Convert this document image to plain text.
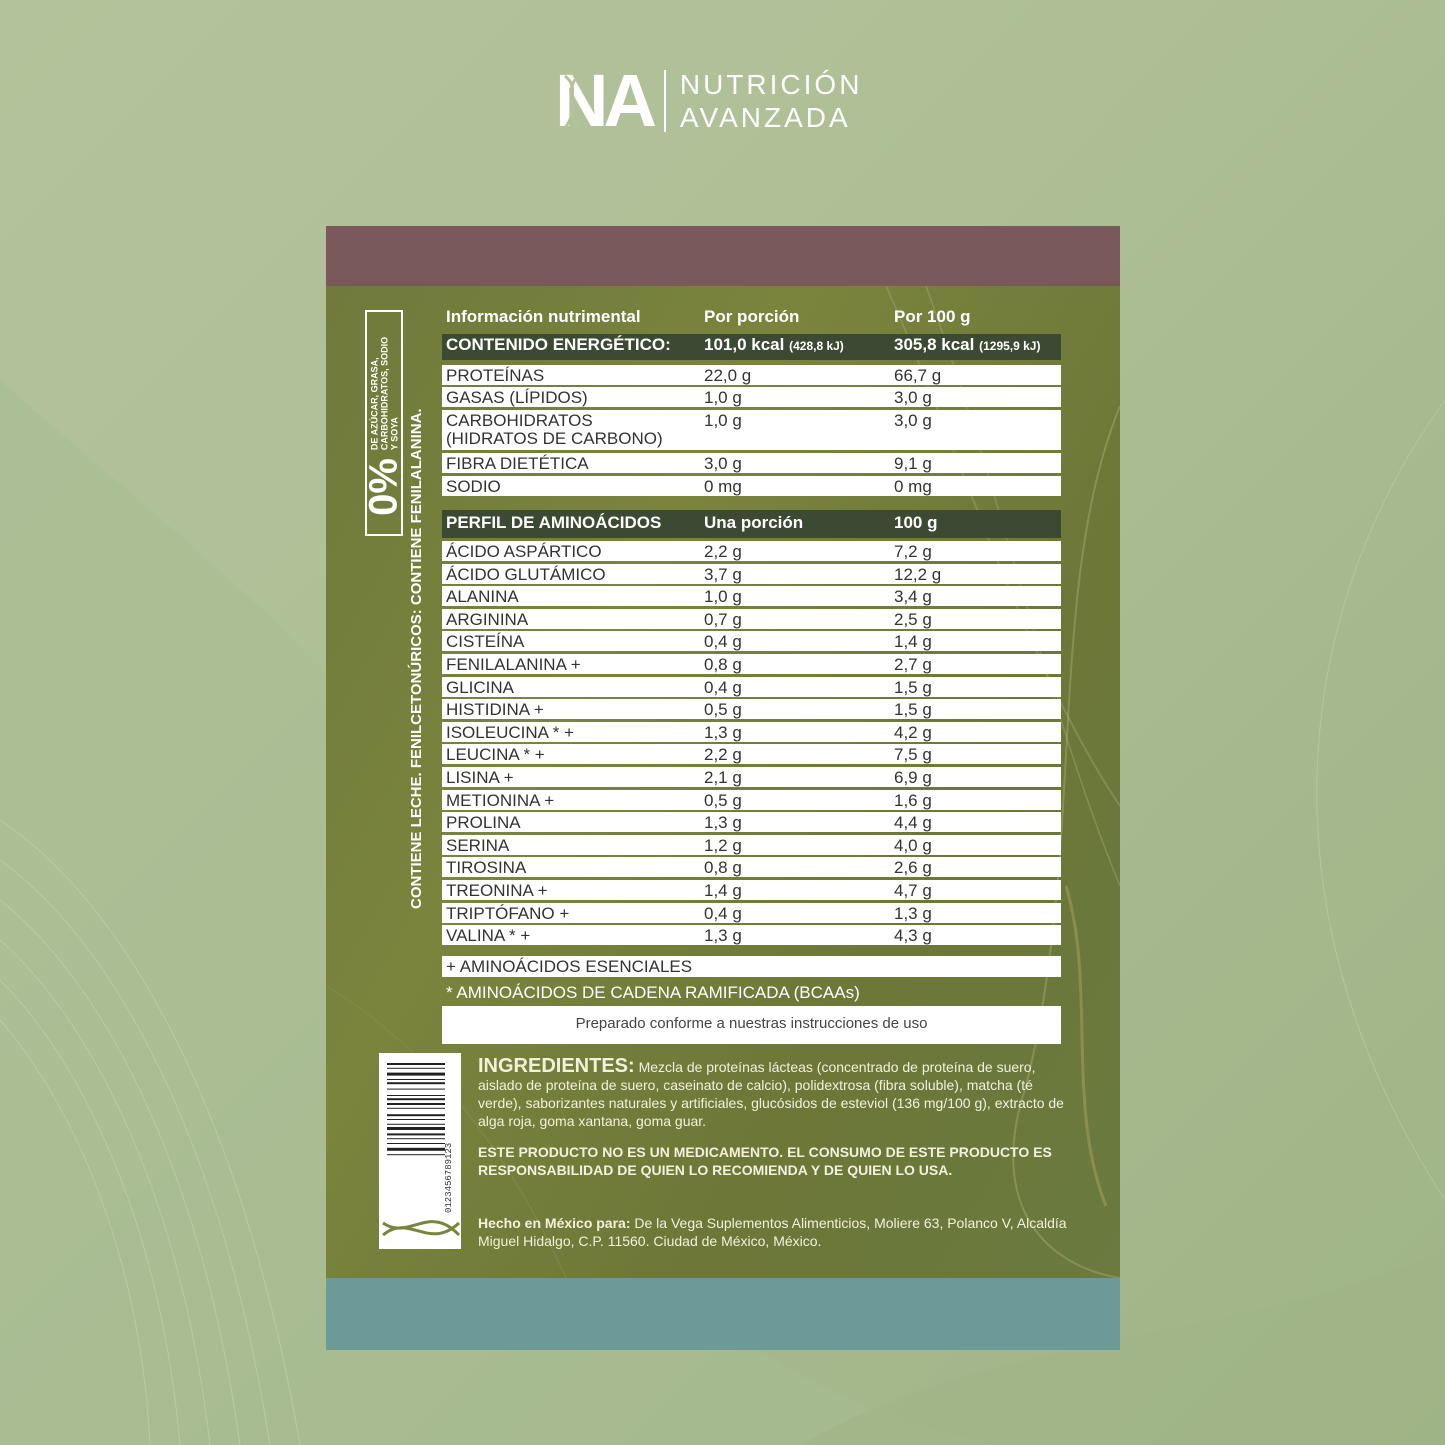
NA NUTRICIÓN
AVANZADA
0%
DE AZÚCAR, GRASA, CARBOHIDRATOS, SODIO Y SOYA CONTIENE LECHE. FENILCETONÚRICOS: CONTIENE FENILALANINA.
Información nutrimental	Por porción	Por 100 g
CONTENIDO ENERGÉTICO: 101,0 kcal (428,8 kJ)	305,8 kcal (1295,9 kJ)
PROTEÍNAS	22,0 g	66,7 g
GASAS (LÍPIDOS)	1,0 g	3,0 g
CARBOHIDRATOS	1,0 g	3,0 g
(HIDRATOS DE CARBONO)
FIBRA DIETÉTICA	3,0 g	9,1 g
SODIO	0 mg	0 mg
PERFIL DE AMINOÁCIDOS	Una porción	100 g
ÁCIDO ASPÁRTICO	2,2 g	7,2 g
ÁCIDO GLUTÁMICO	3,7 g	12,2 g
ALANINA	1,0 g	3,4 g
ARGININA	0,7 g	2,5 g
CISTEÍNA	0,4 g	1,4 g
FENILALANINA +	0,8 g	2,7 g
GLICINA	0,4 g	1,5 g
HISTIDINA +	0,5 g	1,5 g
ISOLEUCINA * +	1,3 g	4,2 g
LEUCINA * +	2,2 g	7,5 g
LISINA +	2,1 g	6,9 g
METIONINA +	0,5 g	1,6 g
PROLINA	1,3 g	4,4 g
SERINA	1,2 g	4,0 g
TIROSINA	0,8 g	2,6 g
TREONINA +	1,4 g	4,7 g
TRIPTÓFANO +	0,4 g	1,3 g
VALINA * +	1,3 g	4,3 g
+ AMINOÁCIDOS ESENCIALES
* AMINOÁCIDOS DE CADENA RAMIFICADA (BCAAs)
Preparado conforme a nuestras instrucciones de uso
0123456789123
INGREDIENTES: Mezcla de proteínas lácteas (concentrado de proteína de suero, aislado de proteína de suero, caseinato de calcio), polidextrosa (fibra soluble), matcha (té verde), saborizantes naturales y artificiales, glucósidos de esteviol (136 mg/100 g), extracto de alga roja, goma xantana, goma guar.
ESTE PRODUCTO NO ES UN MEDICAMENTO. EL CONSUMO DE ESTE PRODUCTO ES RESPONSABILIDAD DE QUIEN LO RECOMIENDA Y DE QUIEN LO USA.
Hecho en México para: De la Vega Suplementos Alimenticios, Moliere 63, Polanco V, Alcaldía Miguel Hidalgo, C.P. 11560. Ciudad de México, México.
